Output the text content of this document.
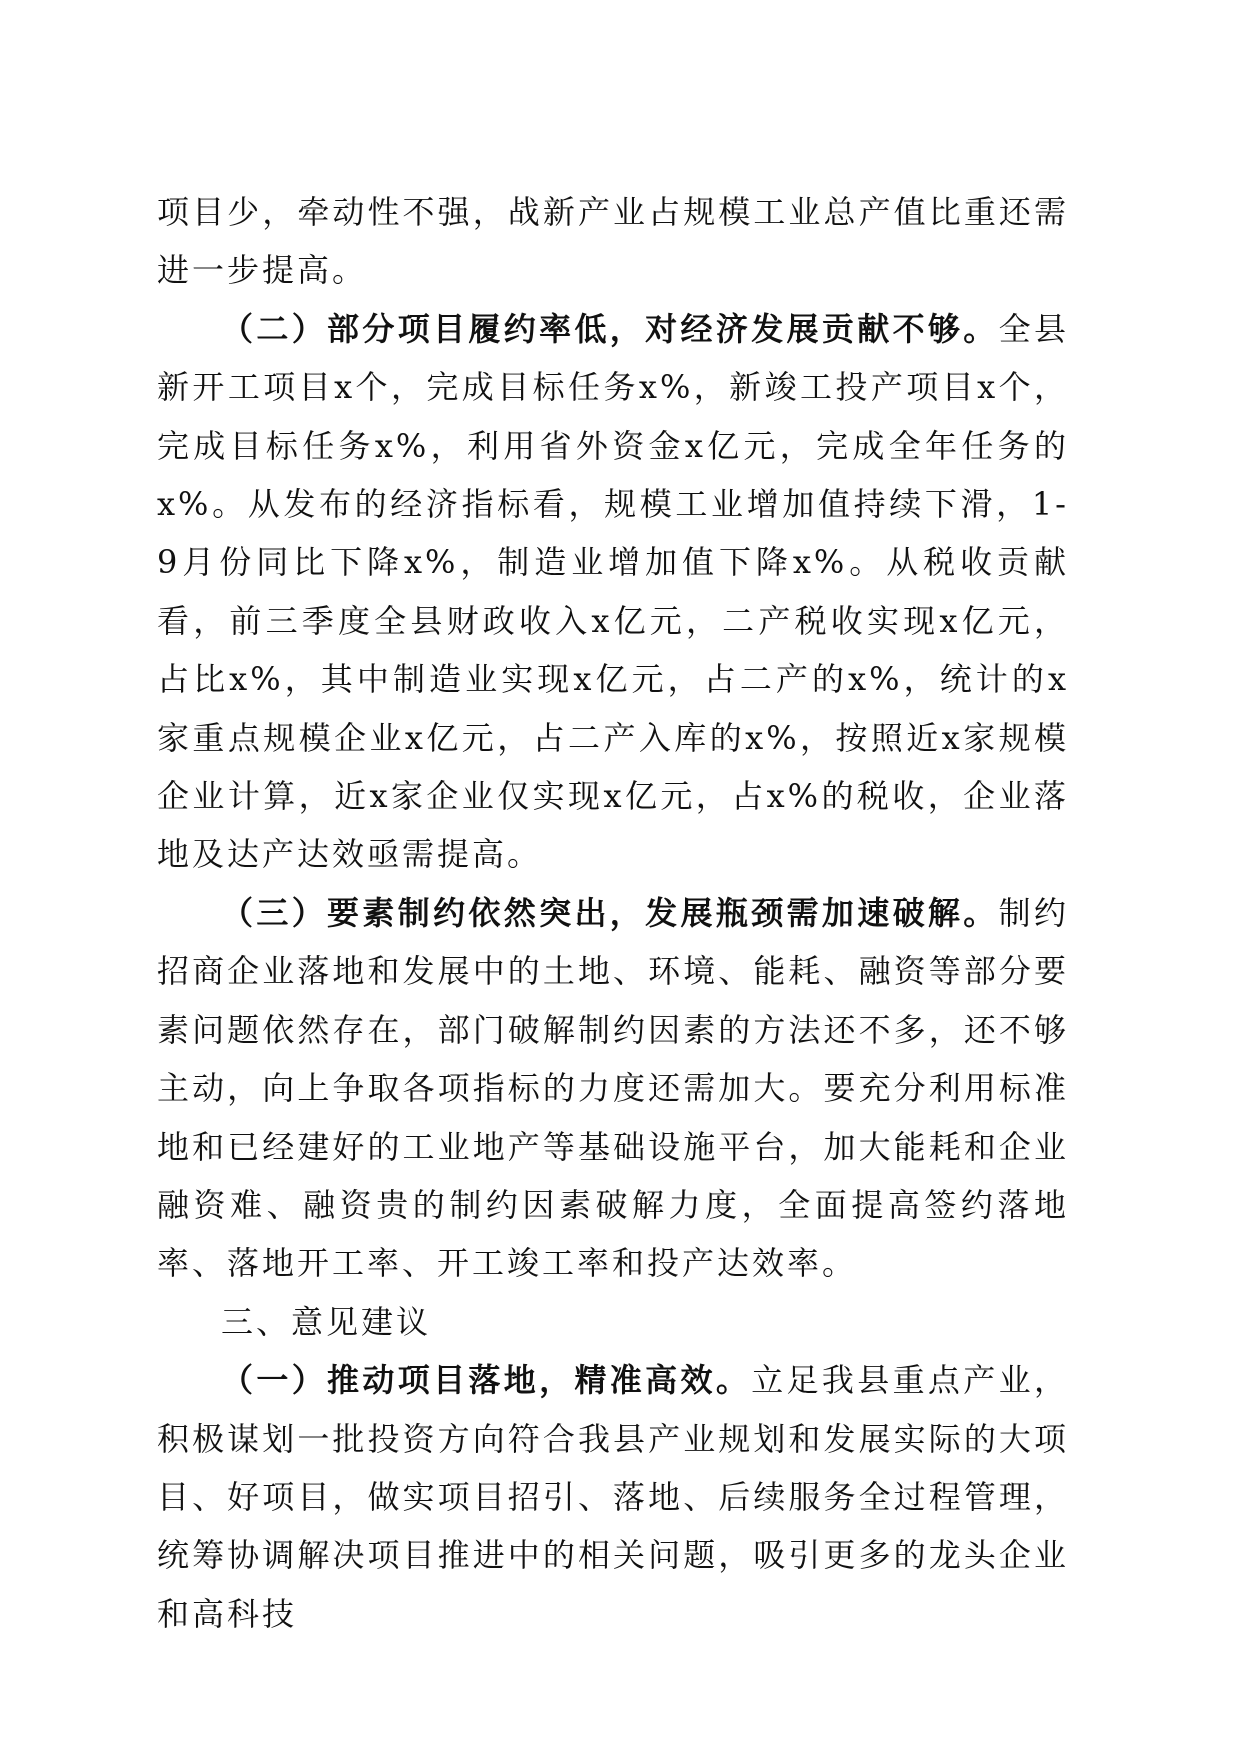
项目少，牵动性不强，战新产业占规模工业总产值比重还需进一步提高。

（二）部分项目履约率低，对经济发展贡献不够。全县新开工项目x个，完成目标任务x%，新竣工投产项目x个，完成目标任务x%，利用省外资金x亿元，完成全年任务的x%。从发布的经济指标看，规模工业增加值持续下滑，1-9月份同比下降x%，制造业增加值下降x%。从税收贡献看，前三季度全县财政收入x亿元，二产税收实现x亿元，占比x%，其中制造业实现x亿元，占二产的x%，统计的x家重点规模企业x亿元，占二产入库的x%，按照近x家规模企业计算，近x家企业仅实现x亿元，占x%的税收，企业落地及达产达效亟需提高。

（三）要素制约依然突出，发展瓶颈需加速破解。制约招商企业落地和发展中的土地、环境、能耗、融资等部分要素问题依然存在，部门破解制约因素的方法还不多，还不够主动，向上争取各项指标的力度还需加大。要充分利用标准地和已经建好的工业地产等基础设施平台，加大能耗和企业融资难、融资贵的制约因素破解力度，全面提高签约落地率、落地开工率、开工竣工率和投产达效率。

三、意见建议

（一）推动项目落地，精准高效。立足我县重点产业，积极谋划一批投资方向符合我县产业规划和发展实际的大项目、好项目，做实项目招引、落地、后续服务全过程管理，统筹协调解决项目推进中的相关问题，吸引更多的龙头企业和高科技
